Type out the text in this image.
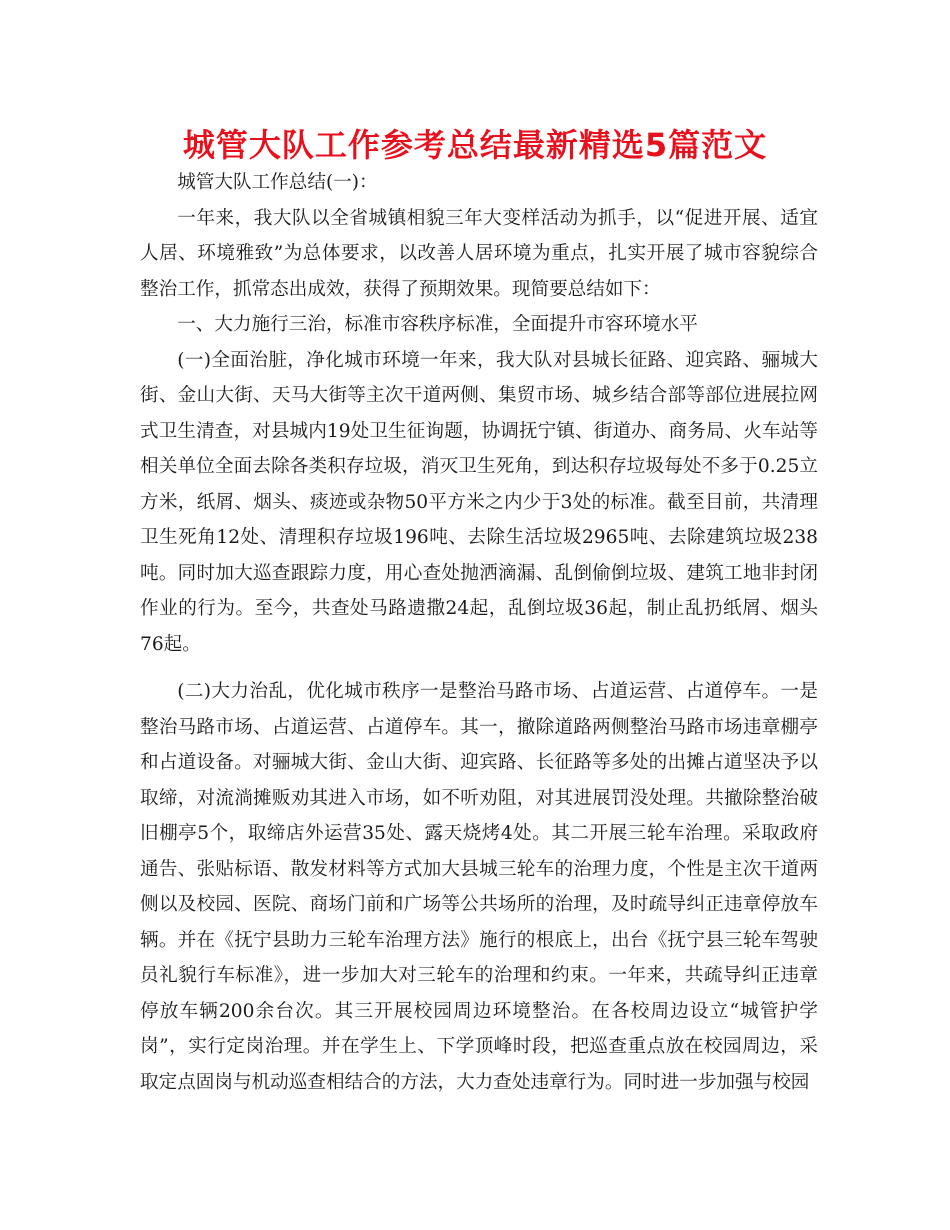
城管大队工作参考总结最新精选5篇范文

城管大队工作总结(一)：

一年来，我大队以全省城镇相貌三年大变样活动为抓手，以“促进开展、适宜人居、环境雅致”为总体要求，以改善人居环境为重点，扎实开展了城市容貌综合整治工作，抓常态出成效，获得了预期效果。现简要总结如下：

一、大力施行三治，标准市容秩序标准，全面提升市容环境水平

(一)全面治脏，净化城市环境一年来，我大队对县城长征路、迎宾路、骊城大街、金山大街、天马大街等主次干道两侧、集贸市场、城乡结合部等部位进展拉网式卫生清查，对县城内19处卫生征询题，协调抚宁镇、街道办、商务局、火车站等相关单位全面去除各类积存垃圾，消灭卫生死角，到达积存垃圾每处不多于0.25立方米，纸屑、烟头、痰迹或杂物50平方米之内少于3处的标准。截至目前，共清理卫生死角12处、清理积存垃圾196吨、去除生活垃圾2965吨、去除建筑垃圾238吨。同时加大巡查跟踪力度，用心查处抛洒滴漏、乱倒偷倒垃圾、建筑工地非封闭作业的行为。至今，共查处马路遗撒24起，乱倒垃圾36起，制止乱扔纸屑、烟头76起。

(二)大力治乱，优化城市秩序一是整治马路市场、占道运营、占道停车。一是整治马路市场、占道运营、占道停车。其一，撤除道路两侧整治马路市场违章棚亭和占道设备。对骊城大街、金山大街、迎宾路、长征路等多处的出摊占道坚决予以取缔，对流淌摊贩劝其进入市场，如不听劝阻，对其进展罚没处理。共撤除整治破旧棚亭5个，取缔店外运营35处、露天烧烤4处。其二开展三轮车治理。采取政府通告、张贴标语、散发材料等方式加大县城三轮车的治理力度，个性是主次干道两侧以及校园、医院、商场门前和广场等公共场所的治理，及时疏导纠正违章停放车辆。并在《抚宁县助力三轮车治理方法》施行的根底上，出台《抚宁县三轮车驾驶员礼貌行车标准》，进一步加大对三轮车的治理和约束。一年来，共疏导纠正违章停放车辆200余台次。其三开展校园周边环境整治。在各校周边设立“城管护学岗”，实行定岗治理。并在学生上、下学顶峰时段，把巡查重点放在校园周边，采取定点固岗与机动巡查相结合的方法，大力查处违章行为。同时进一步加强与校园
